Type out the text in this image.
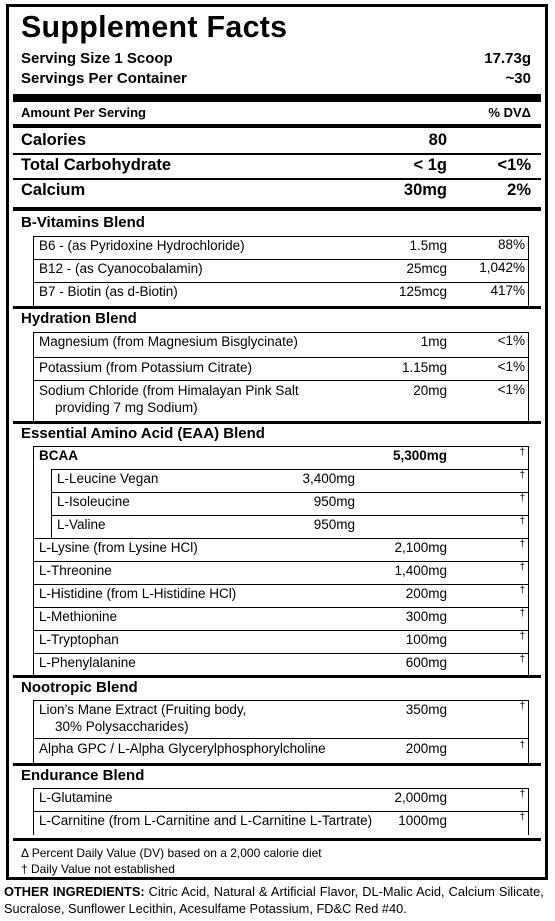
Supplement Facts
Serving Size 1 Scoop	17.73g
Servings Per Container	~30
Amount Per Serving	% DVΔ
Calories	80
Total Carbohydrate	< 1g	<1%
Calcium	30mg	2%
B-Vitamins Blend
B6 - (as Pyridoxine Hydrochloride)	1.5mg	88%
B12 - (as Cyanocobalamin)	25mcg 1,042%
B7 - Biotin (as d-Biotin)	125mcg	417%
Hydration Blend
Magnesium (from Magnesium Bisglycinate)	1mg	<1%
Potassium (from Potassium Citrate)	1.15mg	<1%
Sodium Chloride (from Himalayan Pink Salt
providing 7 mg Sodium)
20mg	<1%
Essential Amino Acid (EAA) Blend
BCAA	5,300mg	†
L-Leucine Vegan	3,400mg	†
L-Isoleucine	950mg	†
L-Valine	950mg	†
L-Lysine (from Lysine HCl)	2,100mg	†
L-Threonine	1,400mg	†
L-Histidine (from L-Histidine HCl)	200mg	†
L-Methionine	300mg	†
L-Tryptophan	100mg	†
L-Phenylalanine	600mg	†
Nootropic Blend
Lion’s Mane Extract (Fruiting body,
30% Polysaccharides)
350mg	†
Alpha GPC / L-Alpha Glycerylphosphorylcholine	200mg	†
Endurance Blend
L-Glutamine	2,000mg	†
L-Carnitine (from L-Carnitine and L-Carnitine L-Tartrate) 1000mg	†
Δ Percent Daily Value (DV) based on a 2,000 calorie diet
† Daily Value not established
OTHER INGREDIENTS: Citric Acid, Natural & Artificial Flavor, DL-Malic Acid, Calcium Silicate, Sucralose, Sunflower Lecithin, Acesulfame Potassium, FD&C Red #40.
